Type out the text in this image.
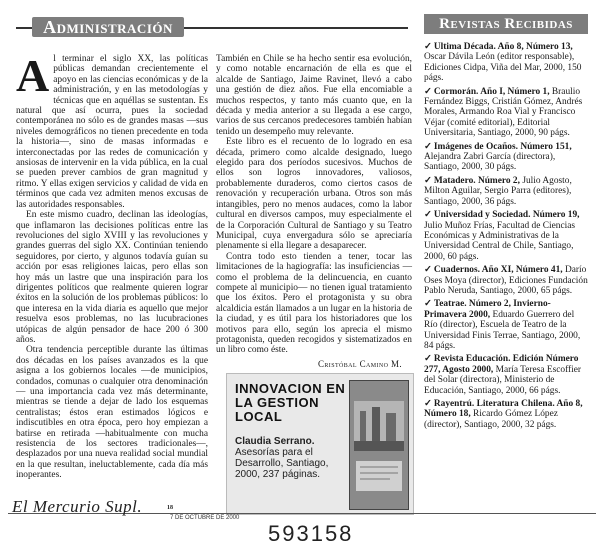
Administración	Revistas Recibidas

Al terminar el siglo XX, las políticas públicas demandan crecientemente el apoyo en las ciencias económicas y de la administración, y en las metodologías y técnicas que en aquéllas se sustentan. Es natural que así ocurra, pues la sociedad contemporánea no sólo es de grandes masas —sus niveles demográficos no tienen precedente en toda la historia—, sino de masas informadas e interconectadas por las redes de comunicación y ansiosas de intervenir en la vida pública, en la cual se pueden prever cambios de gran magnitud y ritmo. Y ellas exigen servicios y calidad de vida en términos que cada vez admiten menos excusas de las autoridades responsables.

En este mismo cuadro, declinan las ideologías, que inflamaron las decisiones políticas entre las revoluciones del siglo XVIII y las revoluciones y grandes guerras del siglo XX. Continúan teniendo seguidores, por cierto, y algunos todavía guían su acción por esas religiones laicas, pero ellas son hoy más un lastre que una inspiración para los dirigentes políticos que realmente quieren lograr éxitos en la solución de los problemas públicos: lo que interesa en la vida diaria es aquello que mejor resuelva esos problemas, no las lucubraciones utópicas de algún pensador de hace 200 ó 300 años.

Otra tendencia perceptible durante las últimas dos décadas en los países avanzados es la que asigna a los gobiernos locales —de municipios, condados, comunas o cualquier otra denominación— una importancia cada vez más determinante, mientras se tiende a dejar de lado los esquemas centralistas; éstos eran estimados lógicos e indiscutibles en otra época, pero hoy empiezan a batirse en retirada —habitualmente con mucha resistencia de los sectores tradicionales—, desplazados por una nueva realidad social mundial en la que resultan, ineluctablemente, cada día más inoperantes.

También en Chile se ha hecho sentir esa evolución, y como notable encarnación de ella es que el alcalde de Santiago, Jaime Ravinet, llevó a cabo una gestión de diez años. Fue ella encomiable a muchos respectos, y tanto más cuanto que, en la década y media anterior a su llegada a ese cargo, varios de sus cercanos predecesores también habían tenido un desempeño muy relevante.

Este libro es el recuento de lo logrado en esa década, primero como alcalde designado, luego elegido para dos períodos sucesivos. Muchos de ellos son logros innovadores, valiosos, probablemente duraderos, como ciertos casos de renovación y recuperación urbana. Otros son más intangibles, pero no menos audaces, como la labor cultural en diversos campos, muy especialmente el de la Corporación Cultural de Santiago y su Teatro Municipal, cuya envergadura sólo se apreciaría plenamente si ella llegare a desaparecer.

Contra todo esto tienden a tener, tocar las limitaciones de la hagiografía: las insuficiencias —como el problema de la delincuencia, en cuanto compete al municipio— no tienen igual tratamiento que los éxitos. Pero el protagonista y su obra alcaldicia están llamados a un lugar en la historia de la ciudad, y es útil para los historiadores que los motivos para ello, según los aprecia el mismo protagonista, queden recogidos y sistematizados en un libro como éste.

Cristóbal Camino M.
INNOVACION EN LA GESTION LOCAL
Claudia Serrano.
Asesorías para el Desarrollo, Santiago, 2000, 237 páginas.

✓ Ultima Década. Año 8, Número 13, Oscar Dávila León (editor responsable), Ediciones Cidpa, Viña del Mar, 2000, 150 págs.

✓ Cormorán. Año I, Número 1, Braulio Fernández Biggs, Cristián Gómez, Andrés Morales, Armando Roa Vial y Francisco Véjar (comité editorial), Editorial Universitaria, Santiago, 2000, 90 págs.

✓ Imágenes de Ocaños. Número 151, Alejandra Zabri García (directora), Santiago, 2000, 30 págs.

✓ Matadero. Número 2, Julio Agosto, Milton Aguilar, Sergio Parra (editores), Santiago, 2000, 36 págs.

✓ Universidad y Sociedad. Número 19, Julio Muñoz Frías, Facultad de Ciencias Económicas y Administrativas de la Universidad Central de Chile, Santiago, 2000, 60 págs.

✓ Cuadernos. Año XI, Número 41, Darío Oses Moya (director), Ediciones Fundación Pablo Neruda, Santiago, 2000, 65 págs.

✓ Teatrae. Número 2, Invierno-Primavera 2000, Eduardo Guerrero del Río (director), Escuela de Teatro de la Universidad Finis Terrae, Santiago, 2000, 84 págs.

✓ Revista Educación. Edición Número 277, Agosto 2000, María Teresa Escoffier del Solar (directora), Ministerio de Educación, Santiago, 2000, 66 págs.

✓ Rayentrú. Literatura Chilena. Año 8, Número 18, Ricardo Gómez López (director), Santiago, 2000, 32 págs.

El Mercurio Supl.	18
7 DE OCTUBRE DE 2000
593158
